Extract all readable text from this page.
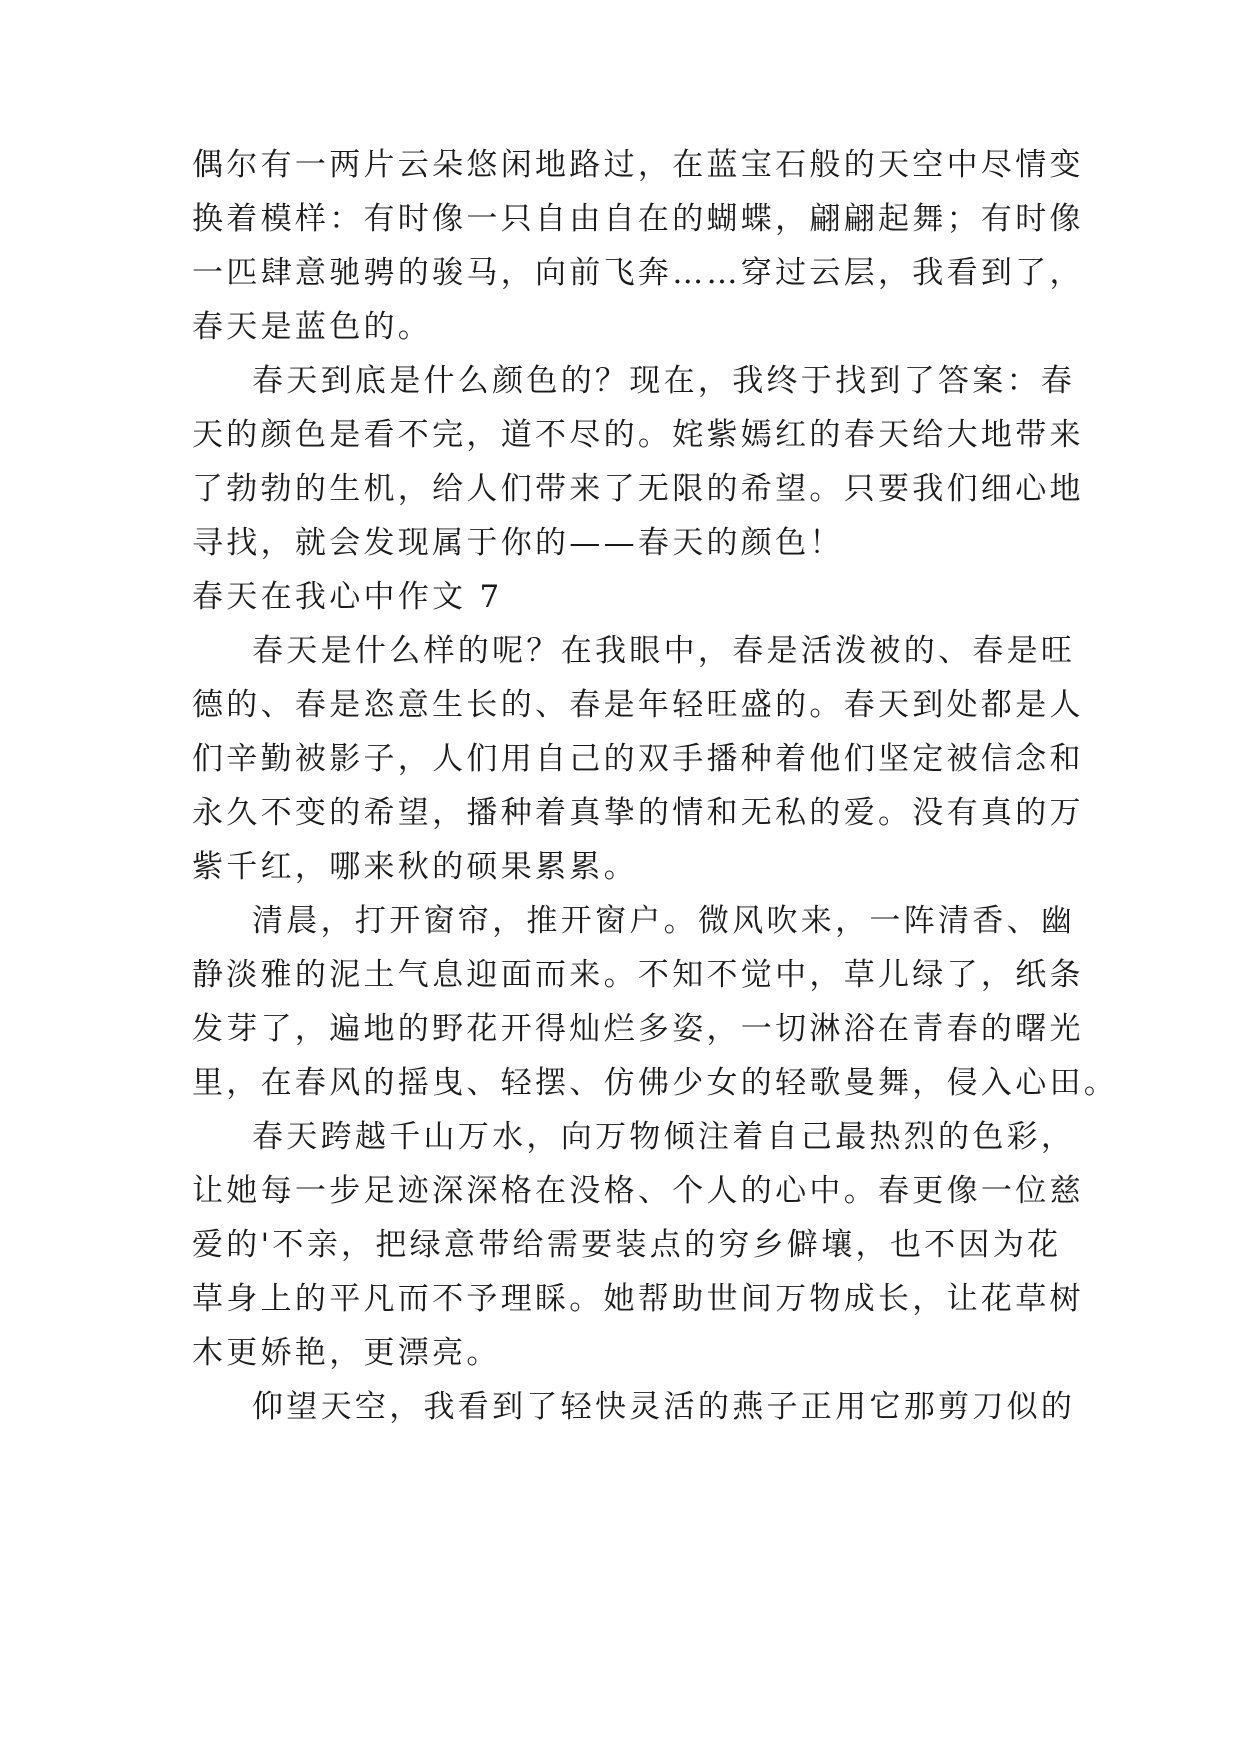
偶尔有一两片云朵悠闲地路过，在蓝宝石般的天空中尽情变
换着模样：有时像一只自由自在的蝴蝶，翩翩起舞；有时像
一匹肆意驰骋的骏马，向前飞奔……穿过云层，我看到了，
春天是蓝色的。
春天到底是什么颜色的？现在，我终于找到了答案：春
天的颜色是看不完，道不尽的。姹紫嫣红的春天给大地带来
了勃勃的生机，给人们带来了无限的希望。只要我们细心地
寻找，就会发现属于你的——春天的颜色！
春天在我心中作文 7
春天是什么样的呢？在我眼中，春是活泼被的、春是旺
德的、春是恣意生长的、春是年轻旺盛的。春天到处都是人
们辛勤被影子，人们用自己的双手播种着他们坚定被信念和
永久不变的希望，播种着真挚的情和无私的爱。没有真的万
紫千红，哪来秋的硕果累累。
清晨，打开窗帘，推开窗户。微风吹来，一阵清香、幽
静淡雅的泥土气息迎面而来。不知不觉中，草儿绿了，纸条
发芽了，遍地的野花开得灿烂多姿，一切淋浴在青春的曙光
里，在春风的摇曳、轻摆、仿佛少女的轻歌曼舞，侵入心田。
春天跨越千山万水，向万物倾注着自己最热烈的色彩，
让她每一步足迹深深格在没格、个人的心中。春更像一位慈
爱的'不亲，把绿意带给需要装点的穷乡僻壤，也不因为花
草身上的平凡而不予理睬。她帮助世间万物成长，让花草树
木更娇艳，更漂亮。
仰望天空，我看到了轻快灵活的燕子正用它那剪刀似的
